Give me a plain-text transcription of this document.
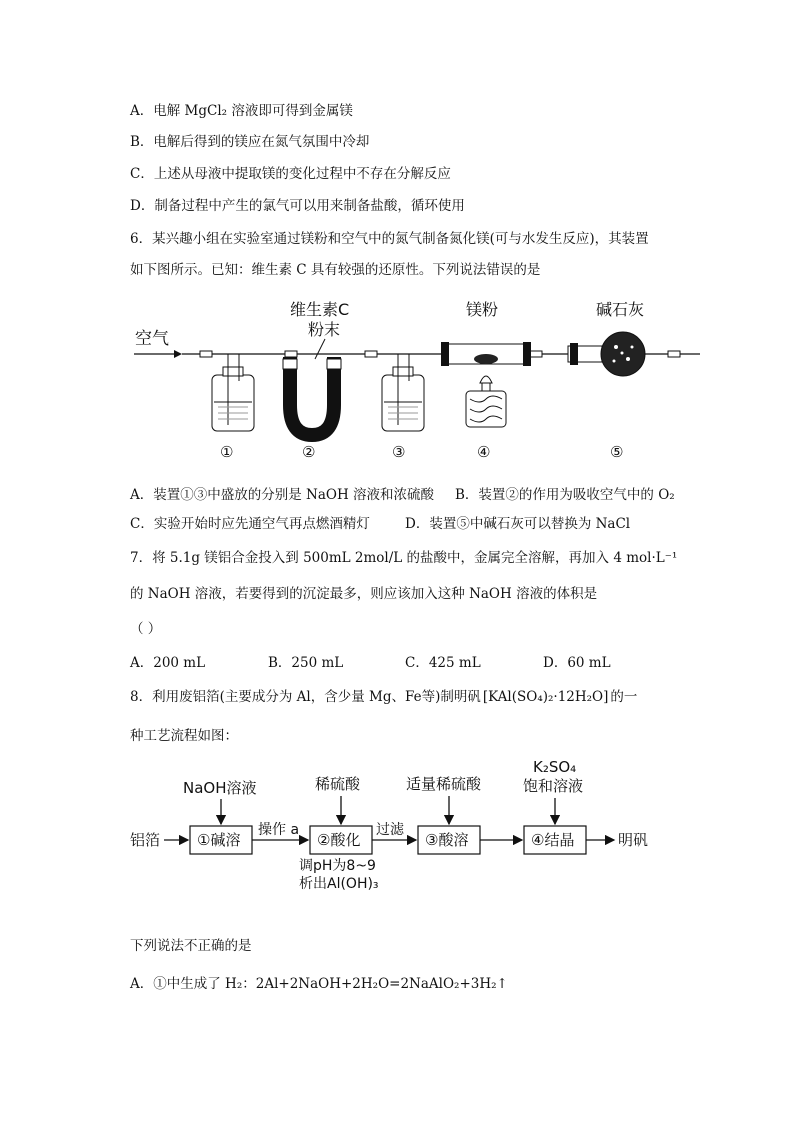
A．电解 MgCl₂ 溶液即可得到金属镁
B．电解后得到的镁应在氮气氛围中冷却
C．上述从母液中提取镁的变化过程中不存在分解反应
D．制备过程中产生的氯气可以用来制备盐酸，循环使用
6．某兴趣小组在实验室通过镁粉和空气中的氮气制备氮化镁(可与水发生反应)，其装置
如下图所示。已知：维生素 C 具有较强的还原性。下列说法错误的是
空气
①
维生素C
粉末
②	③
镁粉
④
碱石灰
⑤
A．装置①③中盛放的分别是 NaOH 溶液和浓硫酸 B．装置②的作用为吸收空气中的 O₂
C．实验开始时应先通空气再点燃酒精灯	D．装置⑤中碱石灰可以替换为 NaCl
7．将 5.1g 镁铝合金投入到 500mL 2mol/L 的盐酸中，金属完全溶解，再加入 4 mol·L⁻¹
的 NaOH 溶液，若要得到的沉淀最多，则应该加入这种 NaOH 溶液的体积是
（ ）
A．200 mL	B．250 mL	C．425 mL	D．60 mL
8．利用废铝箔(主要成分为 Al，含少量 Mg、Fe等)制明矾 [KAl(SO₄)₂·12H₂O] 的一
种工艺流程如图：
铝箔 ①碱溶
操作 a
②酸化
过滤
③酸溶	④结晶	明矾
NaOH溶液	稀硫酸	适量稀硫酸
K₂SO₄
饱和溶液
调pH为8~9
析出Al(OH)₃
下列说法不正确的是
A．①中生成了 H₂：2Al+2NaOH+2H₂O=2NaAlO₂+3H₂↑
